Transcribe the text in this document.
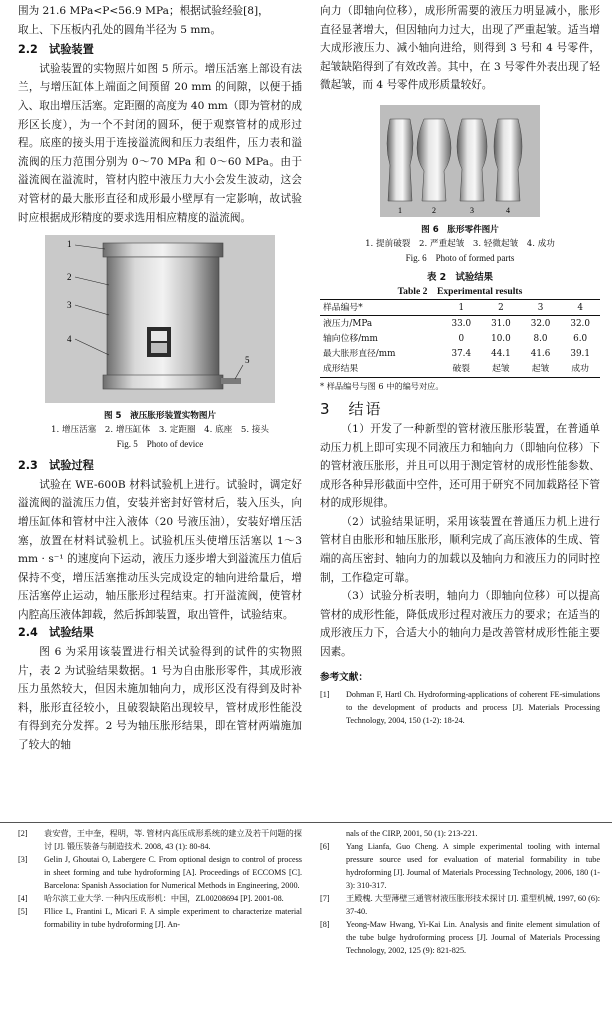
围为 21.6 MPa<P<56.9 MPa；根据试验经验[8]，

取上、下压板内孔处的圆角半径为 5 mm。

2.2　试验装置

试验装置的实物照片如图 5 所示。增压活塞上部设有法兰，与增压缸体上端面之间预留 20 mm 的间隙，以便于插入、取出增压活塞。定距圈的高度为 40 mm（即为管材的成形区长度），为一个不封闭的圆环，便于观察管材的成形过程。底座的接头用于连接溢流阀和压力表组件，压力表和溢流阀的压力范围分别为 0～70 MPa 和 0～60 MPa。由于溢流阀在溢流时，管材内腔中液压力大小会发生波动，这会对管材的最大胀形直径和成形最小壁厚有一定影响，故试验时应根据成形精度的要求选用相应精度的溢流阀。

1
2
3
4
5

图 5　液压胀形装置实物图片

1. 增压活塞　2. 增压缸体　3. 定距圈　4. 底座　5. 接头

Fig. 5　Photo of device

2.3　试验过程

试验在 WE-600B 材料试验机上进行。试验时，调定好溢流阀的溢流压力值，安装并密封好管材后，装入压头，向增压缸体和管材中注入液体（20 号液压油），安装好增压活塞，放置在材料试验机上。试验机压头使增压活塞以 1～3 mm · s⁻¹ 的速度向下运动，液压力逐步增大到溢流压力值后保持不变，增压活塞推动压头完成设定的轴向进给量后，增压活塞停止运动，轴压胀形过程结束。打开溢流阀，使管材内腔高压液体卸载，然后拆卸装置，取出管件，试验结束。

2.4　试验结果

图 6 为采用该装置进行相关试验得到的试件的实物照片，表 2 为试验结果数据。1 号为自由胀形零件，其成形液压力虽然较大，但因未施加轴向力，成形区没有得到及时补料，胀形直径较小，且破裂缺陷出现较早，管材成形性能没有得到充分发挥。2 号为轴压胀形结果，即在管材两端施加了较大的轴

向力（即轴向位移），成形所需要的液压力明显减小，胀形直径显著增大，但因轴向力过大，出现了严重起皱。适当增大成形液压力、减小轴向进给，则得到 3 号和 4 号零件，起皱缺陷得到了有效改善。其中，在 3 号零件外表出现了轻微起皱，而 4 号零件成形质量较好。

1	2	3	4

图 6　胀形零件图片

1. 提前破裂　2. 严重起皱　3. 轻微起皱　4. 成功

Fig. 6　Photo of formed parts

表 2　试验结果

Table 2　Experimental results

样品编号*	1	2	3	4
液压力/MPa	33.0	31.0	32.0	32.0
轴向位移/mm	0	10.0	8.0	6.0
最大胀形直径/mm	37.4	44.1	41.6	39.1
成形结果	破裂	起皱	起皱	成功

* 样品编号与图 6 中的编号对应。

3　结语

（1）开发了一种新型的管材液压胀形装置，在普通单动压力机上即可实现不同液压力和轴向力（即轴向位移）下的管材液压胀形，并且可以用于测定管材的成形性能参数、成形各种异形截面中空件，还可用于研究不同加载路径下管材的成形规律。

（2）试验结果证明，采用该装置在普通压力机上进行管材自由胀形和轴压胀形，顺利完成了高压液体的生成、管端的高压密封、轴向力的加载以及轴向力和液压力的同时控制，工作稳定可靠。

（3）试验分析表明，轴向力（即轴向位移）可以提高管材的成形性能，降低成形过程对液压力的要求；在适当的成形液压力下，合适大小的轴向力是改善管材成形性能主要因素。

参考文献：

[1]	Dohman F, Hartl Ch. Hydroforming-applications of coherent FE-simulations to the development of products and process [J]. Materials Processing Technology, 2004, 150 (1-2): 18-24.
[2]	袁安营，王中奎，程明，等. 管材内高压成形系统的建立及若干问题的探讨 [J]. 锻压装备与制造技术. 2008, 43 (1): 80-84.
[3]	Gelin J, Ghoutai O, Labergere C. From optional design to control of process in sheet forming and tube hydroforming [A]. Proceedings of ECCOMS [C]. Barcelona: Spanish Association for Numerical Methods in Engineering, 2000.
[4]	哈尔滨工业大学. 一种内压成形机：中国，ZL00208694 [P]. 2001-08.
[5]	Fllice L, Frantini L, Micari F. A simple experiment to characterize material formability in tube hydroforming [J]. An-
nals of the CIRP, 2001, 50 (1): 213-221.
[6]	Yang Lianfa, Guo Cheng. A simple experimental tooling with internal pressure source used for evaluation of material formability in tube hydroforming [J]. Journal of Materials Processing Technology, 2006, 180 (1-3): 310-317.
[7]	王殿槐. 大型薄壁三通管材液压胀形技术探讨 [J]. 重型机械, 1997, 60 (6): 37-40.
[8]	Yeong-Maw Hwang, Yi-Kai Lin. Analysis and finite element simulation of the tube bulge hydroforming process [J]. Journal of Materials Processing Technology, 2002, 125 (9): 821-825.
